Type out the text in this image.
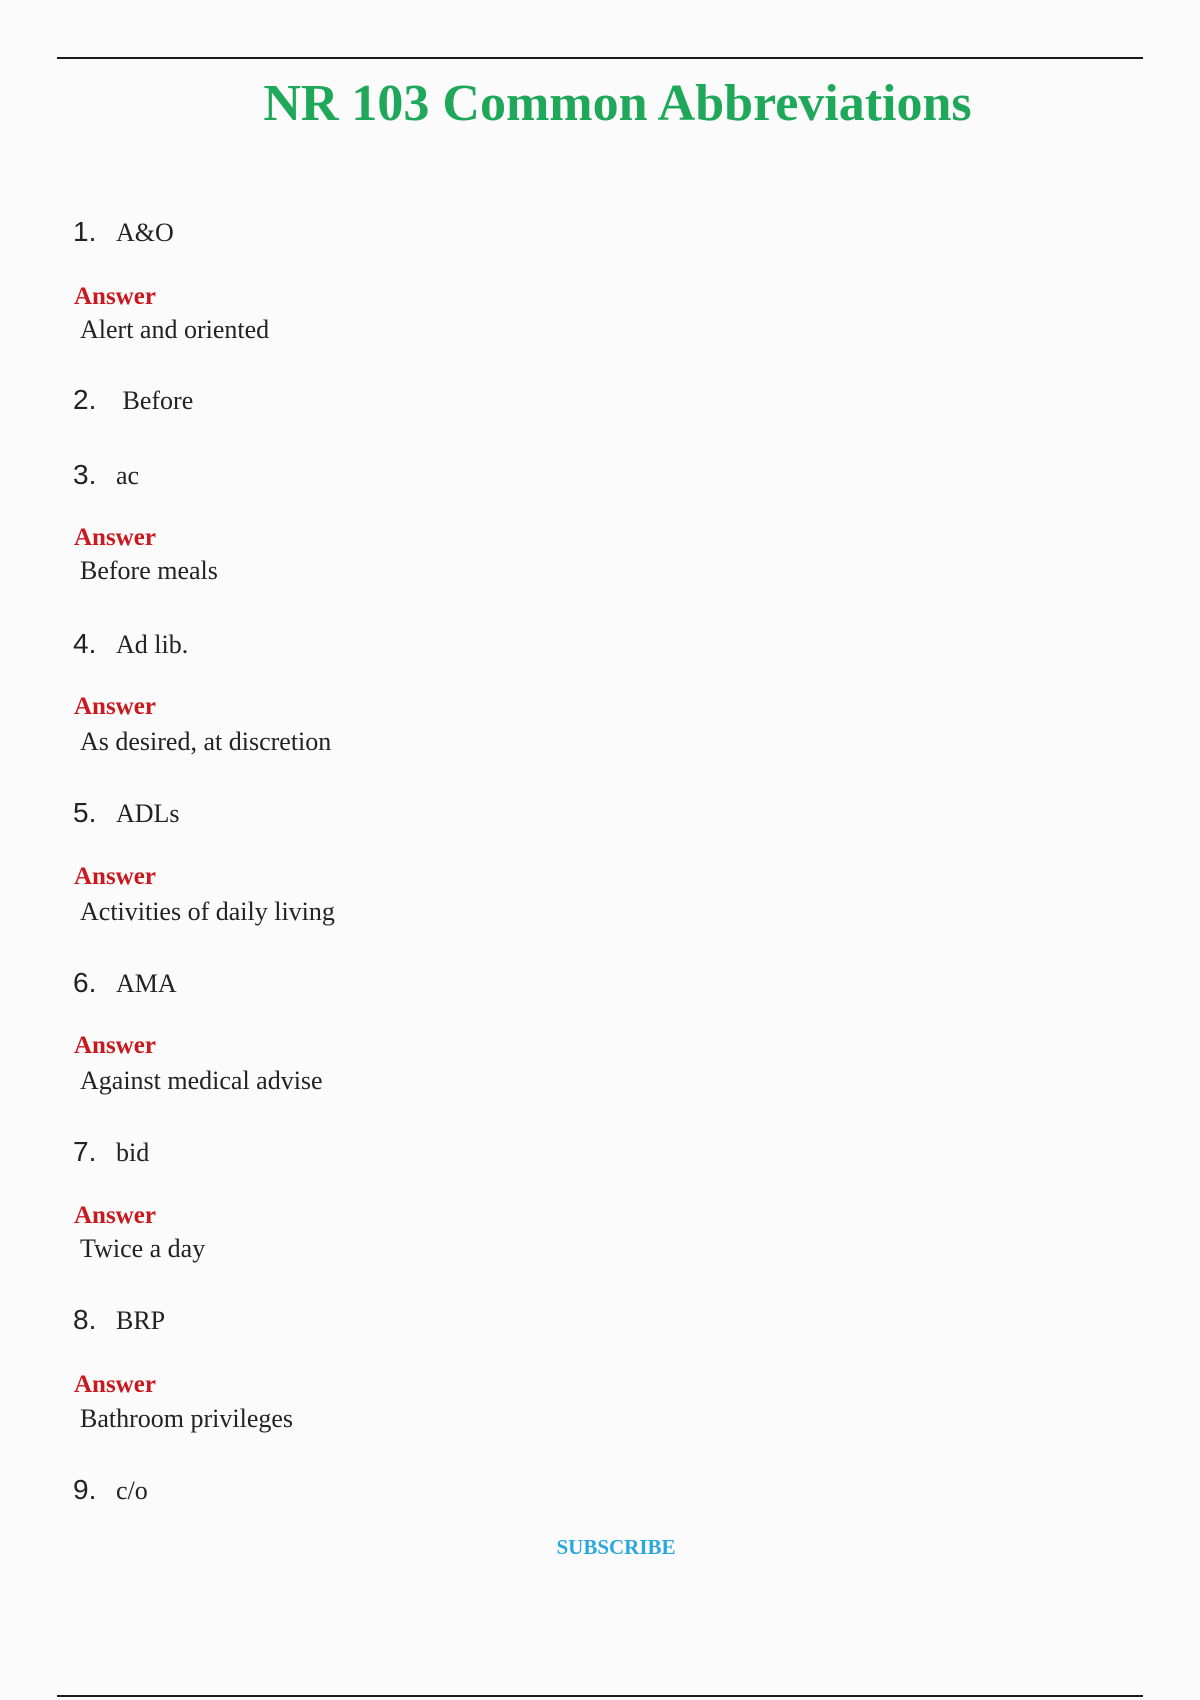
NR 103 Common Abbreviations
1. A&O
Answer
Alert and oriented
2. Before
3. ac
Answer
Before meals
4. Ad lib.
Answer
As desired, at discretion
5. ADLs
Answer
Activities of daily living
6. AMA
Answer
Against medical advise
7. bid
Answer
Twice a day
8. BRP
Answer
Bathroom privileges
9. c/o
SUBSCRIBE
